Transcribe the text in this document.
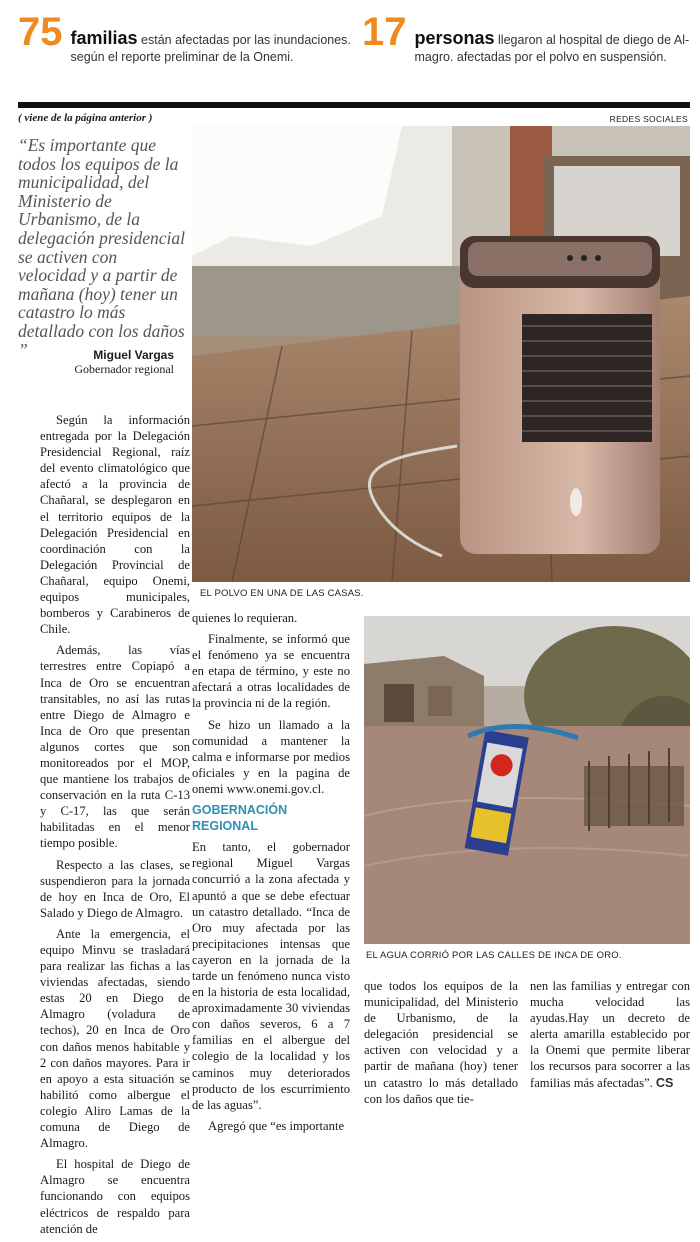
75 familias están afectadas por las inundaciones.
según el reporte preliminar de la Onemi.
17 personas llegaron al hospital de diego de Al-
magro. afectadas por el polvo en suspensión.
( viene de la página anterior )	REDES SOCIALES
“Es importante que todos los equipos de la municipalidad, del Ministerio de Urbanismo, de la delegación presidencial se activen con velocidad y a partir de mañana (hoy) tener un catastro lo más detallado con los daños ”	Miguel Vargas
Gobernador regional
EL POLVO EN UNA DE LAS CASAS.
EL AGUA CORRIÓ POR LAS CALLES DE INCA DE ORO.

Según la información entregada por la Delegación Presidencial Regional, raíz del evento climatológico que afectó a la provincia de Chañaral, se desplegaron en el territorio equipos de la Delegación Presidencial en coordinación con la Delegación Provincial de Chañaral, equipo Onemi, equipos municipales, bomberos y Carabineros de Chile.

Además, las vías terrestres entre Copiapó a Inca de Oro se encuentran transitables, no así las rutas entre Diego de Almagro e Inca de Oro que presentan algunos cortes que son monitoreados por el MOP, que mantiene los trabajos de conservación en la ruta C-13 y C-17, las que serán habilitadas en el menor tiempo posible.

Respecto a las clases, se suspendieron para la jornada de hoy en Inca de Oro, El Salado y Diego de Almagro.

Ante la emergencia, el equipo Minvu se trasladará para realizar las fichas a las viviendas afectadas, siendo estas 20 en Diego de Almagro (voladura de techos), 20 en Inca de Oro con daños menos habitable y 2 con daños mayores. Para ir en apoyo a esta situación se habilitó como albergue el colegio Aliro Lamas de la comuna de Diego de Almagro.

El hospital de Diego de Almagro se encuentra funcionando con equipos eléctricos de respaldo para atención de

quienes lo requieran.

Finalmente, se informó que el fenómeno ya se encuentra en etapa de término, y este no afectará a otras localidades de la provincia ni de la región.

Se hizo un llamado a la comunidad a mantener la calma e informarse por medios oficiales y en la pagina de onemi www.onemi.gov.cl.

GOBERNACIÓN REGIONAL

En tanto, el gobernador regional Miguel Vargas concurrió a la zona afectada y apuntó a que se debe efectuar un catastro detallado. “Inca de Oro muy afectada por las precipitaciones intensas que cayeron en la jornada de la tarde un fenómeno nunca visto en la historia de esta localidad, aproximadamente 30 viviendas con daños severos, 6 a 7 familias en el albergue del colegio de la localidad y los caminos muy deteriorados producto de los escurrimiento de las aguas”.

Agregó que “es importante

que todos los equipos de la municipalidad, del Ministerio de Urbanismo, de la delegación presidencial se activen con velocidad y a partir de mañana (hoy) tener un catastro lo más detallado con los daños que tie-

nen las familias y entregar con mucha velocidad las ayudas.Hay un decreto de alerta amarilla establecido por la Onemi que permite liberar los recursos para socorrer a las familias más afectadas”. CS
